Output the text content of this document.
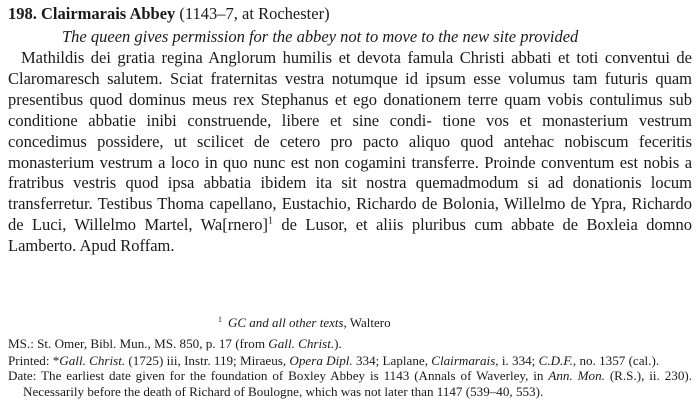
198. Clairmarais Abbey (1143–7, at Rochester)

The queen gives permission for the abbey not to move to the new site provided

Mathildis dei gratia regina Anglorum humilis et devota famula Christi abbati et toti conventui de Claromaresch salutem. Sciat fraternitas vestra notumque id ipsum esse volumus tam futuris quam presentibus quod dominus meus rex Stephanus et ego donationem terre quam vobis contulimus sub conditione abbatie inibi construende, libere et sine condi- tione vos et monasterium vestrum concedimus possidere, ut scilicet de cetero pro pacto aliquo quod antehac nobiscum feceritis monasterium vestrum a loco in quo nunc est non cogamini transferre. Proinde conventum est nobis a fratribus vestris quod ipsa abbatia ibidem ita sit nostra quemadmodum si ad donationis locum transferretur. Testibus Thoma capellano, Eustachio, Richardo de Bolonia, Willelmo de Ypra, Richardo de Luci, Willelmo Martel, Wa[rnero]$^1$ de Lusor, et aliis pluribus cum abbate de Boxleia domno Lamberto. Apud Roffam.

$^1$ GC and all other texts, Waltero

MS.: St. Omer, Bibl. Mun., MS. 850, p. 17 (from Gall. Christ.).

Printed: *Gall. Christ. (1725) iii, Instr. 119; Miraeus, Opera Dipl. 334; Laplane, Clairmarais, i. 334; C.D.F., no. 1357 (cal.).

Date: The earliest date given for the foundation of Boxley Abbey is 1143 (Annals of Waverley, in Ann. Mon. (R.S.), ii. 230). Necessarily before the death of Richard of Boulogne, which was not later than 1147 (539–40, 553).
